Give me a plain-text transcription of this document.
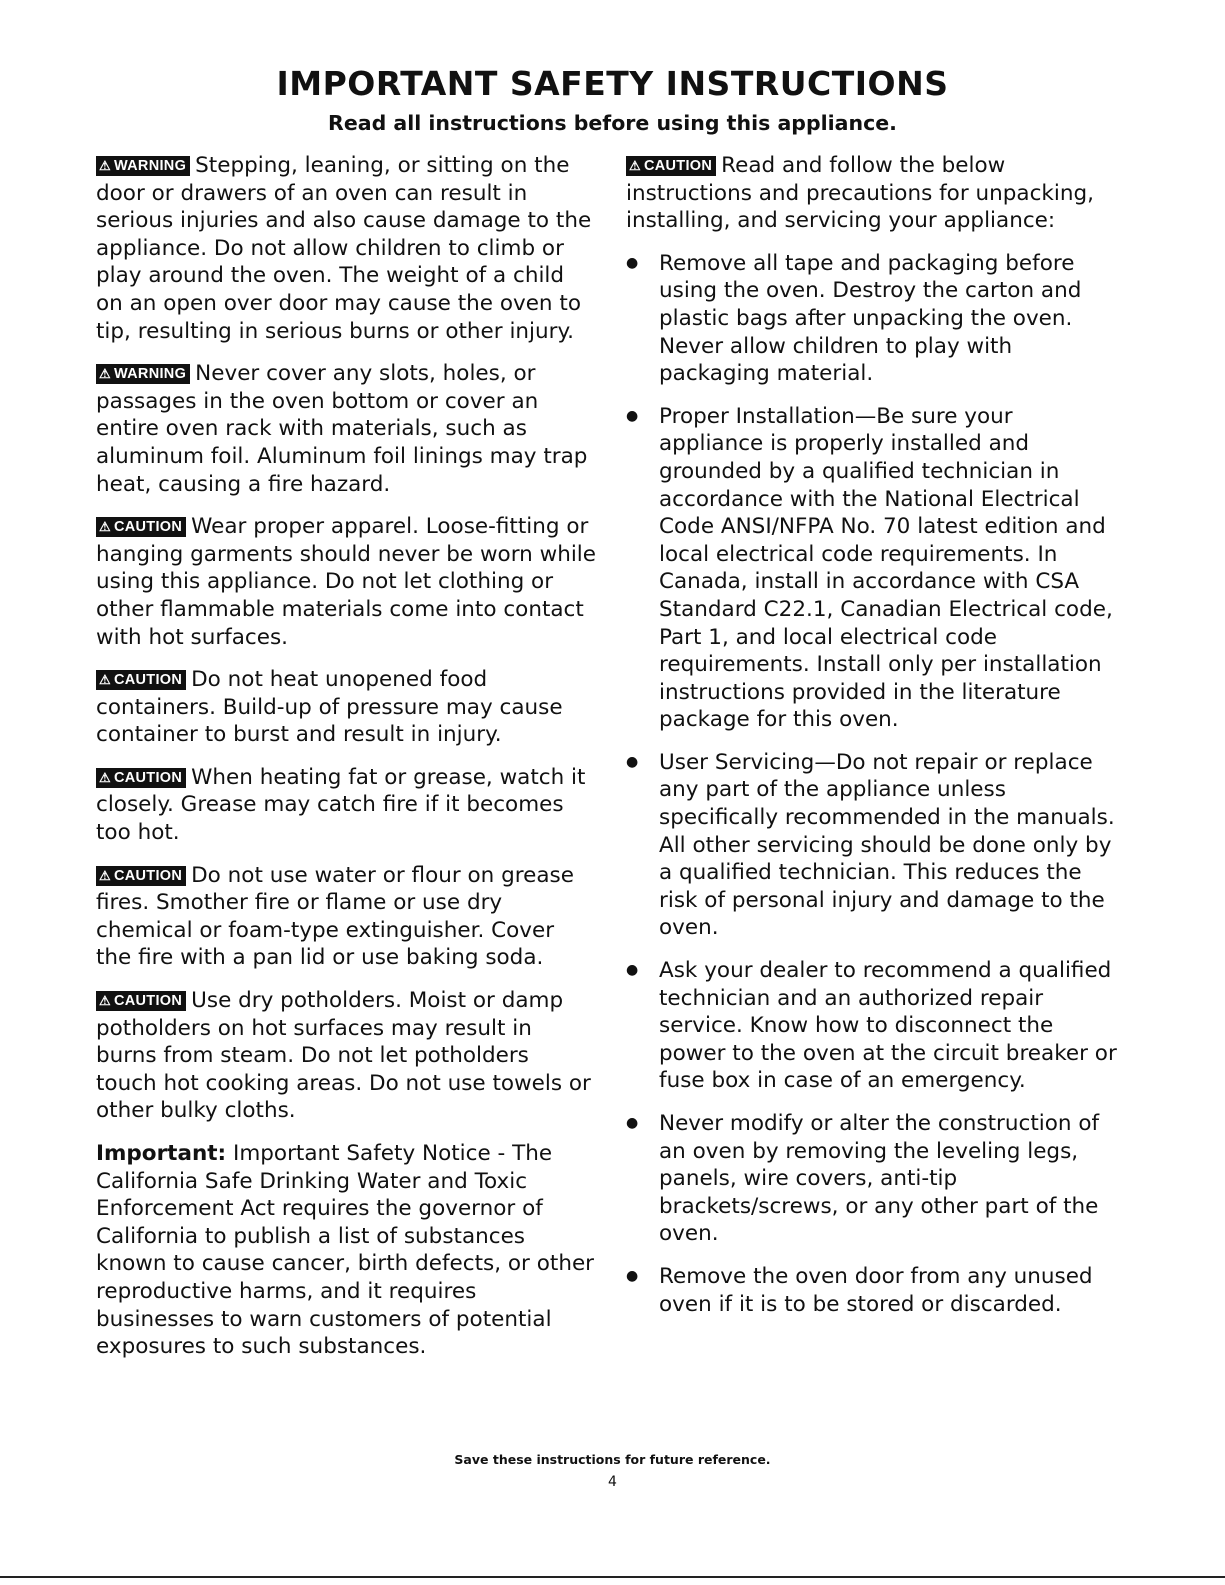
IMPORTANT SAFETY INSTRUCTIONS

Read all instructions before using this appliance.

⚠ WARNING Stepping, leaning, or sitting on the door or drawers of an oven can result in serious injuries and also cause damage to the appliance. Do not allow children to climb or play around the oven. The weight of a child on an open over door may cause the oven to tip, resulting in serious burns or other injury.

⚠ WARNING Never cover any slots, holes, or passages in the oven bottom or cover an entire oven rack with materials, such as aluminum foil. Aluminum foil linings may trap heat, causing a fire hazard.

⚠ CAUTION Wear proper apparel. Loose-fitting or hanging garments should never be worn while using this appliance. Do not let clothing or other flammable materials come into contact with hot surfaces.

⚠ CAUTION Do not heat unopened food containers. Build-up of pressure may cause container to burst and result in injury.

⚠ CAUTION When heating fat or grease, watch it closely. Grease may catch fire if it becomes too hot.

⚠ CAUTION Do not use water or flour on grease fires. Smother fire or flame or use dry chemical or foam-type extinguisher. Cover the fire with a pan lid or use baking soda.

⚠ CAUTION Use dry potholders. Moist or damp potholders on hot surfaces may result in burns from steam. Do not let potholders touch hot cooking areas. Do not use towels or other bulky cloths.

Important: Important Safety Notice - The California Safe Drinking Water and Toxic Enforcement Act requires the governor of California to publish a list of substances known to cause cancer, birth defects, or other reproductive harms, and it requires businesses to warn customers of potential exposures to such substances.

⚠ CAUTION Read and follow the below instructions and precautions for unpacking, installing, and servicing your appliance:

● Remove all tape and packaging before using the oven. Destroy the carton and plastic bags after unpacking the oven. Never allow children to play with packaging material.
● Proper Installation—Be sure your appliance is properly installed and grounded by a qualified technician in accordance with the National Electrical Code ANSI/NFPA No. 70 latest edition and local electrical code requirements. In Canada, install in accordance with CSA Standard C22.1, Canadian Electrical code, Part 1, and local electrical code requirements. Install only per installation instructions provided in the literature package for this oven.
● User Servicing—Do not repair or replace any part of the appliance unless specifically recommended in the manuals. All other servicing should be done only by a qualified technician. This reduces the risk of personal injury and damage to the oven.
● Ask your dealer to recommend a qualified technician and an authorized repair service. Know how to disconnect the power to the oven at the circuit breaker or fuse box in case of an emergency.
● Never modify or alter the construction of an oven by removing the leveling legs, panels, wire covers, anti-tip brackets/screws, or any other part of the oven.
● Remove the oven door from any unused oven if it is to be stored or discarded.

Save these instructions for future reference.

4
